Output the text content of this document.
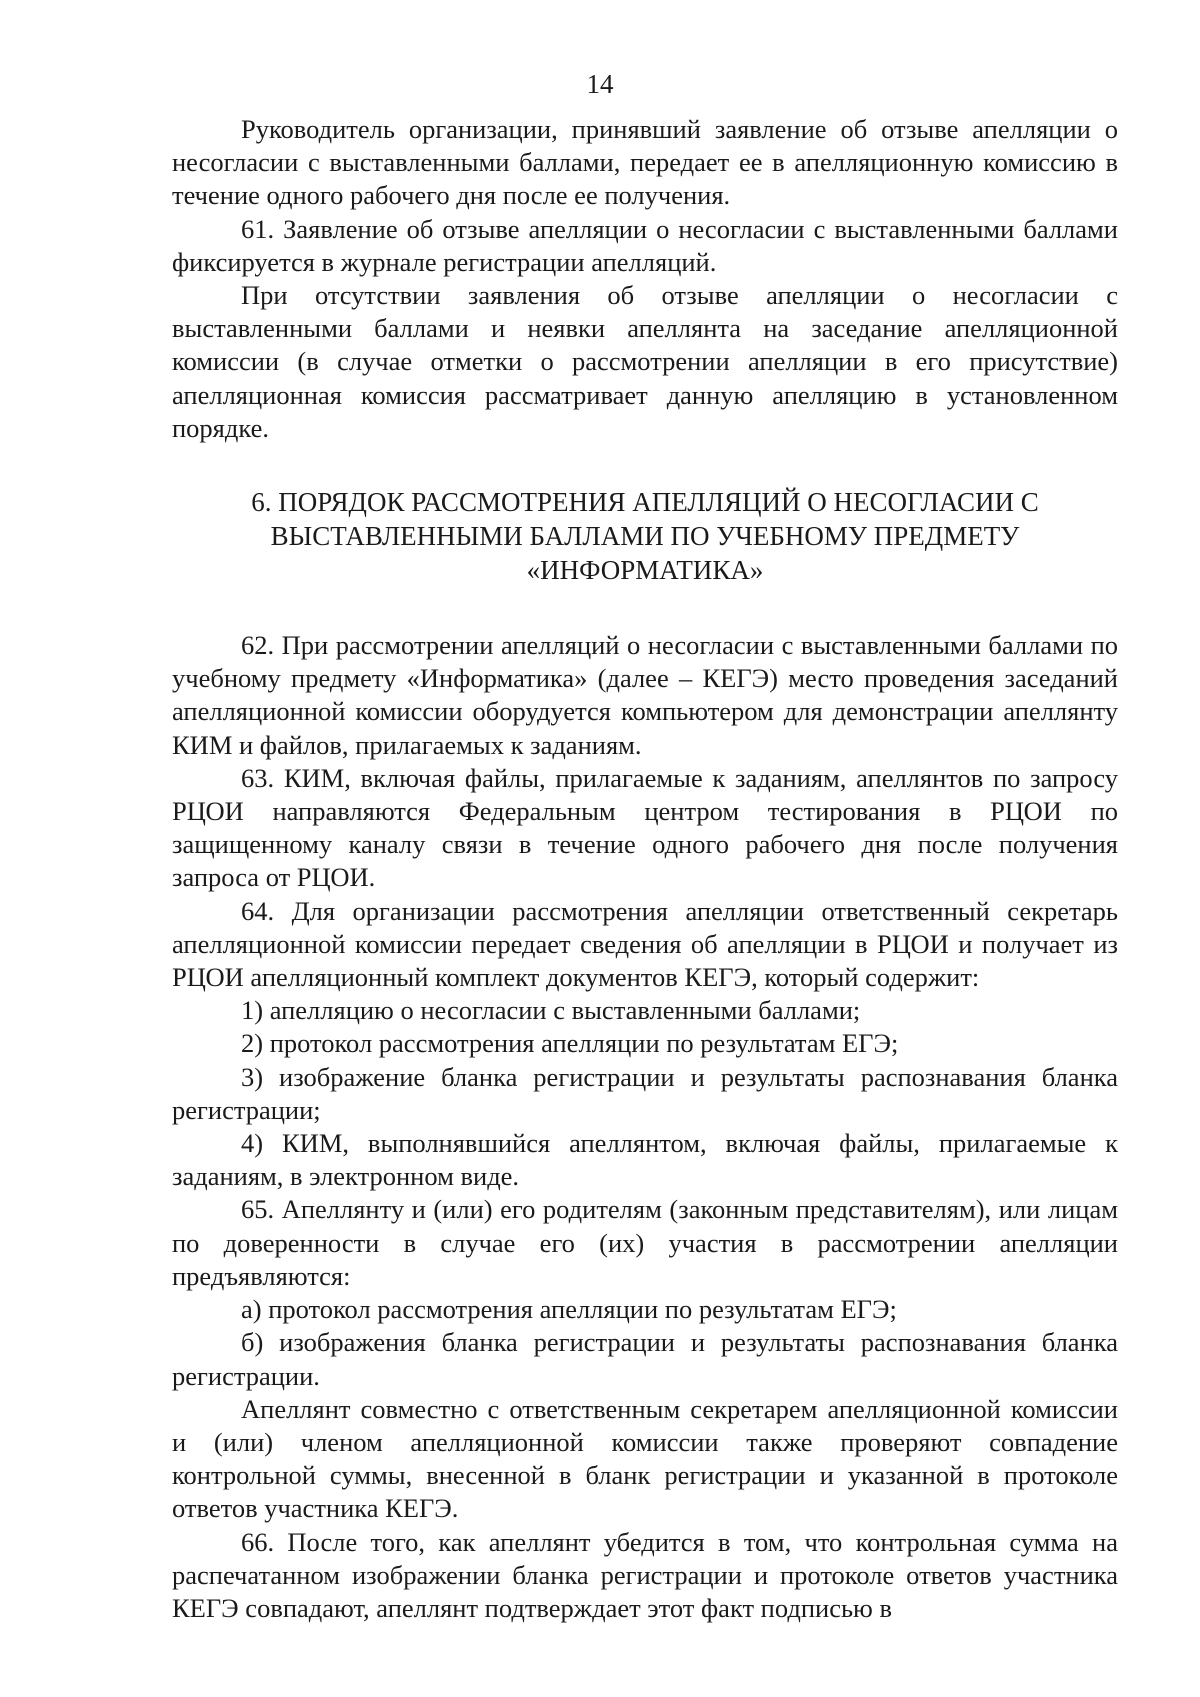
14

Руководитель организации, принявший заявление об отзыве апелляции о несогласии с выставленными баллами, передает ее в апелляционную комиссию в течение одного рабочего дня после ее получения.

61. Заявление об отзыве апелляции о несогласии с выставленными баллами фиксируется в журнале регистрации апелляций.

При отсутствии заявления об отзыве апелляции о несогласии с выставленными баллами и неявки апеллянта на заседание апелляционной комиссии (в случае отметки о рассмотрении апелляции в его присутствие) апелляционная комиссия рассматривает данную апелляцию в установленном порядке.

6. ПОРЯДОК РАССМОТРЕНИЯ АПЕЛЛЯЦИЙ О НЕСОГЛАСИИ С
ВЫСТАВЛЕННЫМИ БАЛЛАМИ ПО УЧЕБНОМУ ПРЕДМЕТУ
«ИНФОРМАТИКА»

62. При рассмотрении апелляций о несогласии с выставленными баллами по учебному предмету «Информатика» (далее – КЕГЭ) место проведения заседаний апелляционной комиссии оборудуется компьютером для демонстрации апеллянту КИМ и файлов, прилагаемых к заданиям.

63. КИМ, включая файлы, прилагаемые к заданиям, апеллянтов по запросу РЦОИ направляются Федеральным центром тестирования в РЦОИ по защищенному каналу связи в течение одного рабочего дня после получения запроса от РЦОИ.

64. Для организации рассмотрения апелляции ответственный секретарь апелляционной комиссии передает сведения об апелляции в РЦОИ и получает из РЦОИ апелляционный комплект документов КЕГЭ, который содержит:

1) апелляцию о несогласии с выставленными баллами;

2) протокол рассмотрения апелляции по результатам ЕГЭ;

3) изображение бланка регистрации и результаты распознавания бланка регистрации;

4) КИМ, выполнявшийся апеллянтом, включая файлы, прилагаемые к заданиям, в электронном виде.

65. Апеллянту и (или) его родителям (законным представителям), или лицам по доверенности в случае его (их) участия в рассмотрении апелляции предъявляются:

а) протокол рассмотрения апелляции по результатам ЕГЭ;

б) изображения бланка регистрации и результаты распознавания бланка регистрации.

Апеллянт совместно с ответственным секретарем апелляционной комиссии и (или) членом апелляционной комиссии также проверяют совпадение контрольной суммы, внесенной в бланк регистрации и указанной в протоколе ответов участника КЕГЭ.

66. После того, как апеллянт убедится в том, что контрольная сумма на распечатанном изображении бланка регистрации и протоколе ответов участника КЕГЭ совпадают, апеллянт подтверждает этот факт подписью в
